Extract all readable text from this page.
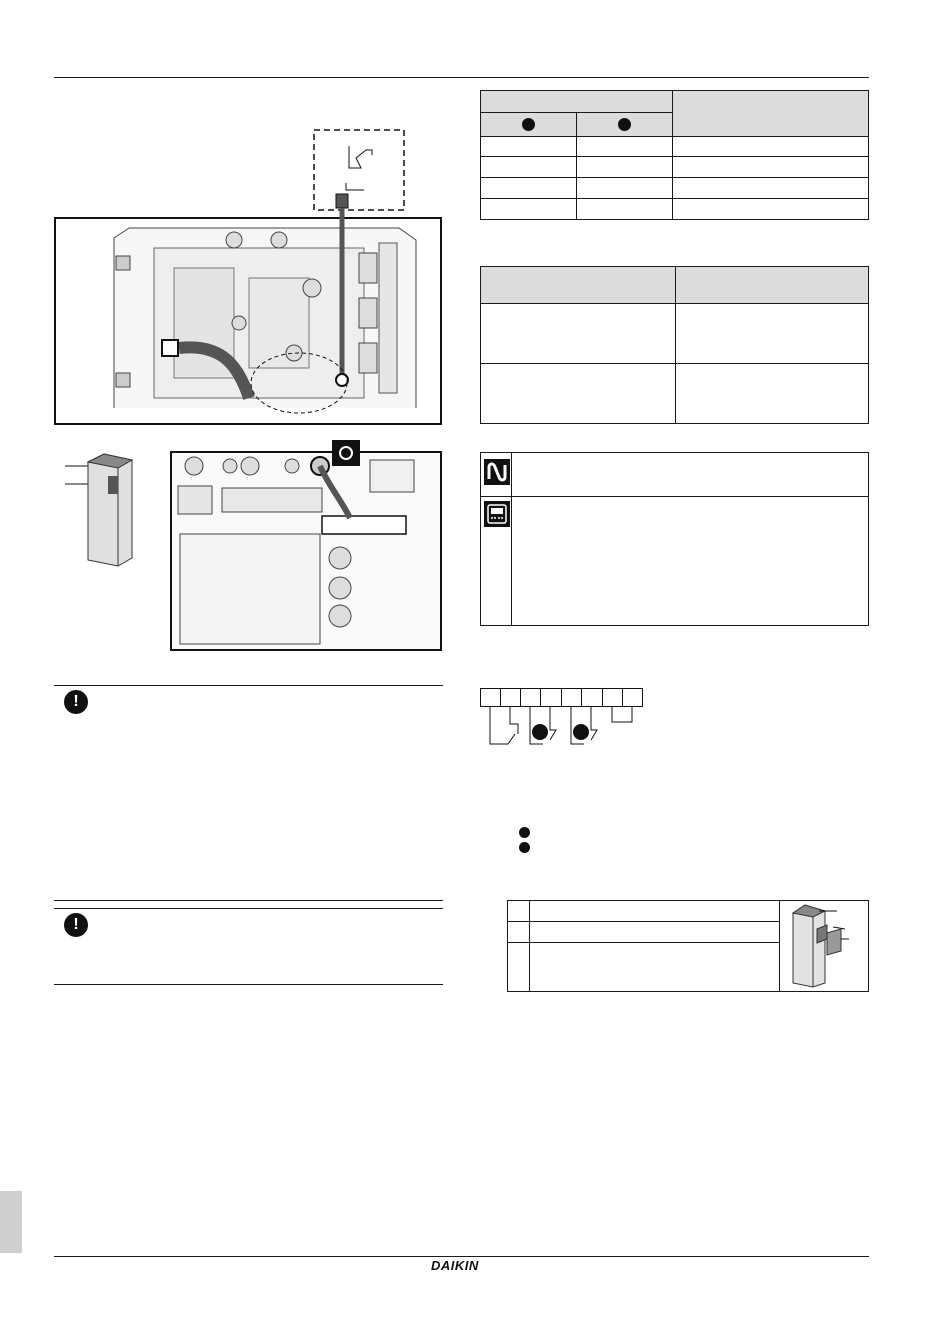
!
!

DAIKIN
